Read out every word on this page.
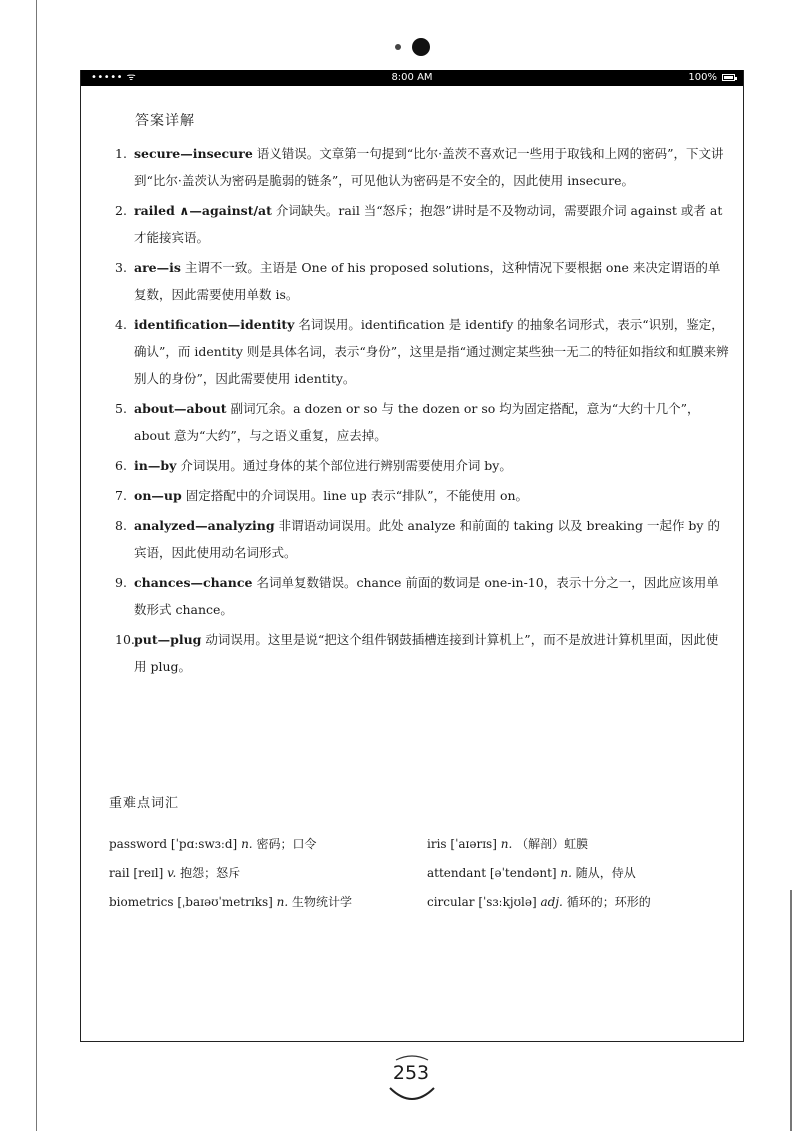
••••• ᯤ	8:00 AM	100%
答案详解
1. secure—insecure 语义错误。文章第一句提到“比尔·盖茨不喜欢记一些用于取钱和上网的密码”，下文讲到“比尔·盖茨认为密码是脆弱的链条”，可见他认为密码是不安全的，因此使用 insecure。
2. railed ∧—against/at 介词缺失。rail 当“怒斥；抱怨”讲时是不及物动词，需要跟介词 against 或者 at 才能接宾语。
3. are—is 主谓不一致。主语是 One of his proposed solutions，这种情况下要根据 one 来决定谓语的单复数，因此需要使用单数 is。
4. identification—identity 名词误用。identification 是 identify 的抽象名词形式，表示“识别，鉴定，确认”，而 identity 则是具体名词，表示“身份”，这里是指“通过测定某些独一无二的特征如指纹和虹膜来辨别人的身份”，因此需要使用 identity。
5. about—about 副词冗余。a dozen or so 与 the dozen or so 均为固定搭配，意为“大约十几个”，about 意为“大约”，与之语义重复，应去掉。
6. in—by 介词误用。通过身体的某个部位进行辨别需要使用介词 by。
7. on—up 固定搭配中的介词误用。line up 表示“排队”，不能使用 on。
8. analyzed—analyzing 非谓语动词误用。此处 analyze 和前面的 taking 以及 breaking 一起作 by 的宾语，因此使用动名词形式。
9. chances—chance 名词单复数错误。chance 前面的数词是 one-in-10，表示十分之一，因此应该用单数形式 chance。
10. put—plug 动词误用。这里是说“把这个组件钢鼓插槽连接到计算机上”，而不是放进计算机里面，因此使用 plug。
重难点词汇
password [ˈpɑːswɜːd] n. 密码；口令	iris [ˈaɪərɪs] n. （解剖）虹膜
rail [reɪl] v. 抱怨；怒斥	attendant [əˈtendənt] n. 随从，侍从
biometrics [ˌbaɪəʊˈmetrɪks] n. 生物统计学	circular [ˈsɜːkjʊlə] adj. 循环的；环形的
253
